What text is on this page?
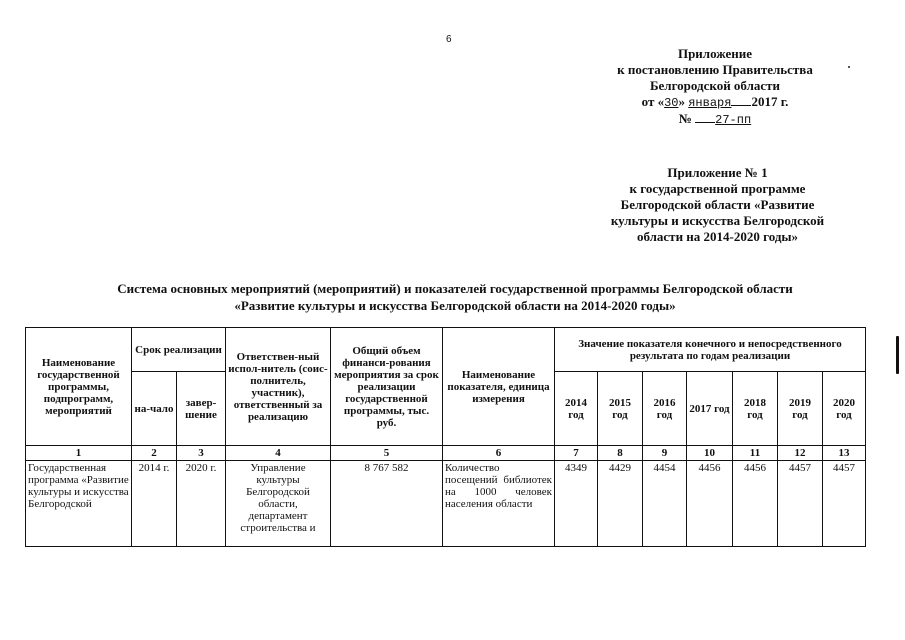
6
Приложение
к постановлению Правительства
Белгородской области
от «30» января 2017 г.
№ 27-пп
Приложение № 1
к государственной программе
Белгородской области «Развитие
культуры и искусства Белгородской
области на 2014-2020 годы»
Система основных мероприятий (мероприятий) и показателей государственной программы Белгородской области
«Развитие культуры и искусства Белгородской области на 2014-2020 годы»
Наименование государственной программы, подпрограмм, мероприятий	Срок реализации		Ответствен-ный испол-нитель (соис-полнитель, участник), ответственный за реализацию	Общий объем финанси-рования мероприятия за срок реализации государственной программы, тыс. руб.	Наименование показателя, единица измерения	Значение показателя конечного и непосредственного результата по годам реализации						
	на-чало	завер-шение				2014 год	2015 год	2016 год	2017 год	2018 год	2019 год	2020 год
1	2	3	4	5	6	7	8	9	10	11	12	13
Государственная программа «Развитие культуры и искусства Белгородской	2014 г.	2020 г.	Управление культуры Белгородской области, департамент строительства и	8 767 582	Количество посещений библиотек на 1000 человек населения области	4349	4429	4454	4456	4456	4457	4457
